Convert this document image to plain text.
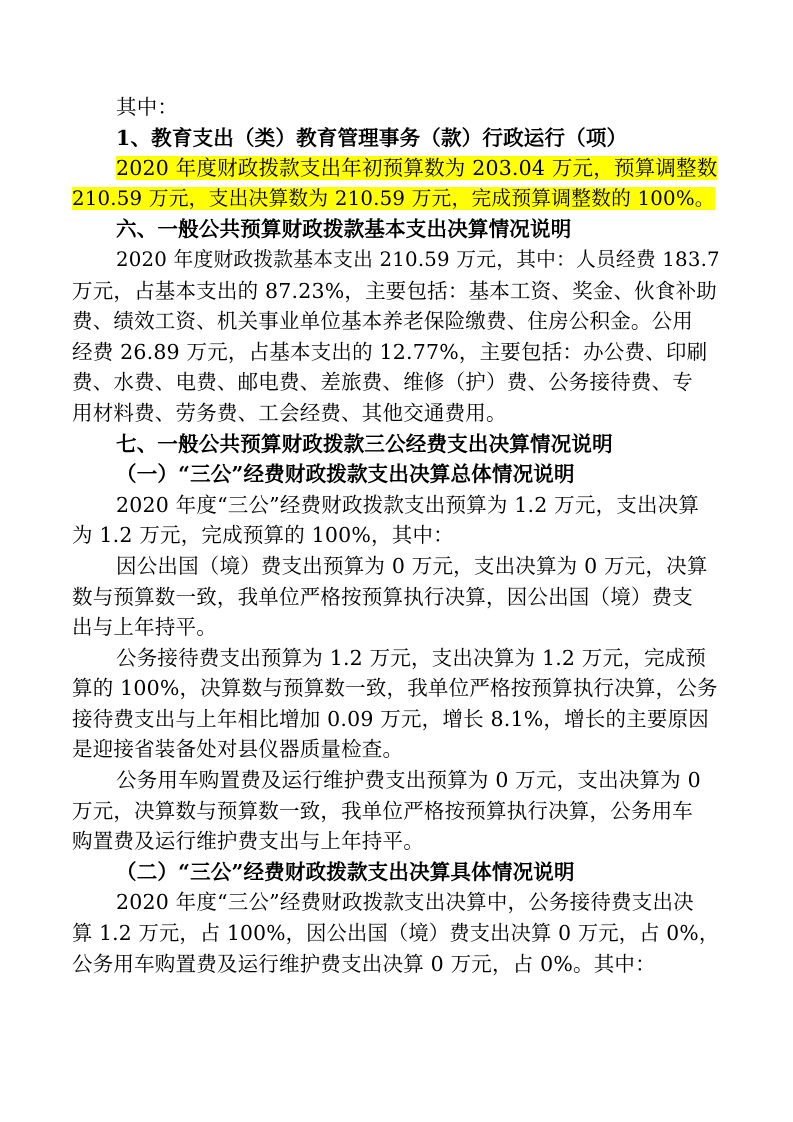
其中：
1、教育支出（类）教育管理事务（款）行政运行（项）
2020 年度财政拨款支出年初预算数为 203.04 万元，预算调整数
210.59 万元，支出决算数为 210.59 万元，完成预算调整数的 100%。
六、一般公共预算财政拨款基本支出决算情况说明
2020 年度财政拨款基本支出 210.59 万元，其中：人员经费 183.7
万元，占基本支出的 87.23%，主要包括：基本工资、奖金、伙食补助
费、绩效工资、机关事业单位基本养老保险缴费、住房公积金。公用
经费 26.89 万元，占基本支出的 12.77%，主要包括：办公费、印刷
费、水费、电费、邮电费、差旅费、维修（护）费、公务接待费、专
用材料费、劳务费、工会经费、其他交通费用。
七、一般公共预算财政拨款三公经费支出决算情况说明
（一）“三公”经费财政拨款支出决算总体情况说明
2020 年度“三公”经费财政拨款支出预算为 1.2 万元，支出决算
为 1.2 万元，完成预算的 100%，其中：
因公出国（境）费支出预算为 0 万元，支出决算为 0 万元，决算
数与预算数一致，我单位严格按预算执行决算，因公出国（境）费支
出与上年持平。
公务接待费支出预算为 1.2 万元，支出决算为 1.2 万元，完成预
算的 100%，决算数与预算数一致，我单位严格按预算执行决算，公务
接待费支出与上年相比增加 0.09 万元，增长 8.1%，增长的主要原因
是迎接省装备处对县仪器质量检查。
公务用车购置费及运行维护费支出预算为 0 万元，支出决算为 0
万元，决算数与预算数一致，我单位严格按预算执行决算，公务用车
购置费及运行维护费支出与上年持平。
（二）“三公”经费财政拨款支出决算具体情况说明
2020 年度“三公”经费财政拨款支出决算中，公务接待费支出决
算 1.2 万元，占 100%，因公出国（境）费支出决算 0 万元，占 0%，
公务用车购置费及运行维护费支出决算 0 万元，占 0%。其中：
